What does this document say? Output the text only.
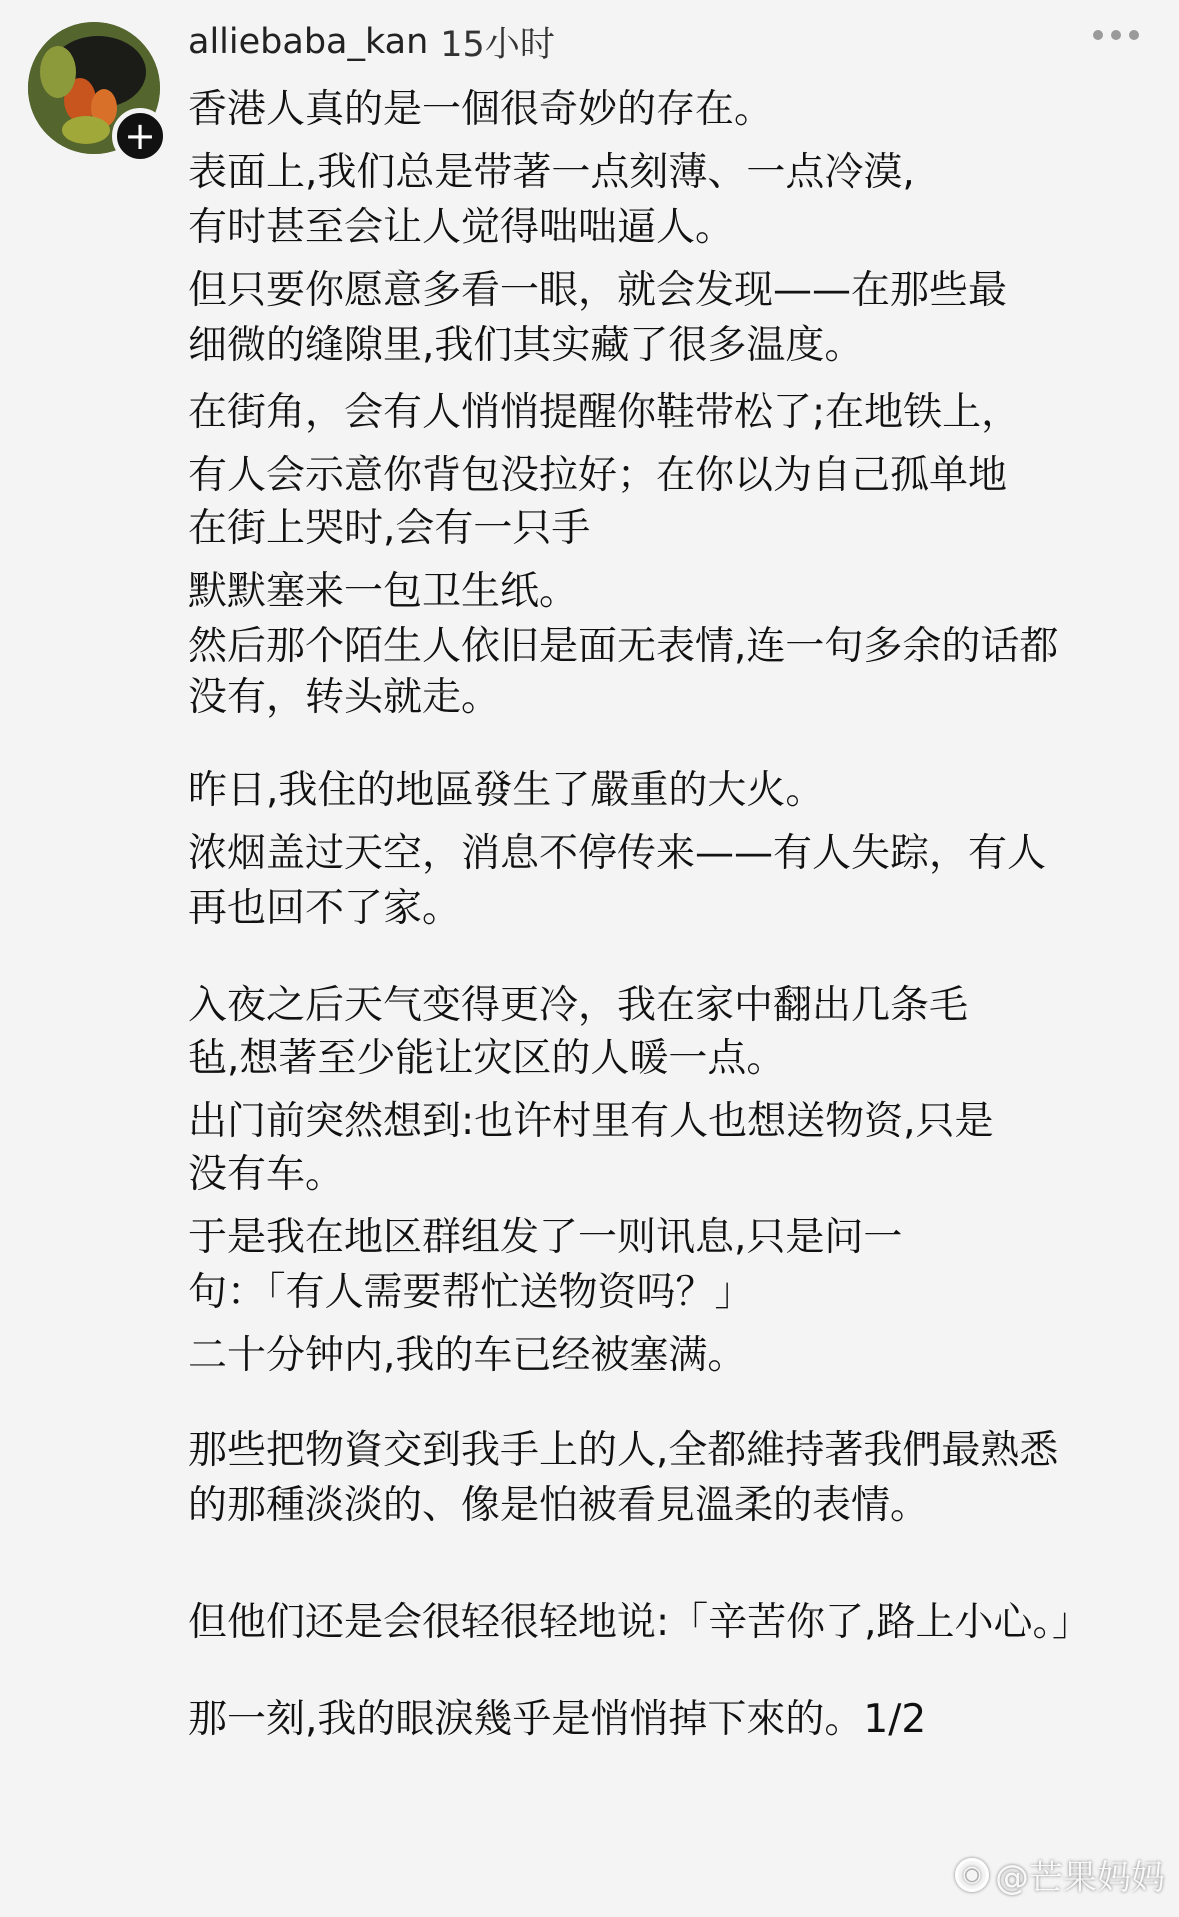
+
alliebaba_kan 15小时
香港人真的是一個很奇妙的存在。
表面上,我们总是带著一点刻薄、一点冷漠,
有时甚至会让人觉得咄咄逼人。
但只要你愿意多看一眼，就会发现——在那些最
细微的缝隙里,我们其实藏了很多温度。
在街角，会有人悄悄提醒你鞋带松了;在地铁上，
有人会示意你背包没拉好；在你以为自己孤单地
在街上哭时,会有一只手
默默塞来一包卫生纸。
然后那个陌生人依旧是面无表情,连一句多余的话都
没有，转头就走。
昨日,我住的地區發生了嚴重的大火。
浓烟盖过天空，消息不停传来——有人失踪，有人
再也回不了家。
入夜之后天气变得更冷，我在家中翻出几条毛
毡,想著至少能让灾区的人暖一点。
出门前突然想到:也许村里有人也想送物资,只是
没有车。
于是我在地区群组发了一则讯息,只是问一
句：「有人需要帮忙送物资吗？」
二十分钟内,我的车已经被塞满。
那些把物資交到我手上的人,全都維持著我們最熟悉
的那種淡淡的、像是怕被看見溫柔的表情。
但他们还是会很轻很轻地说:「辛苦你了,路上小心。」
那一刻,我的眼淚幾乎是悄悄掉下來的。1/2
◉ @芒果妈妈
